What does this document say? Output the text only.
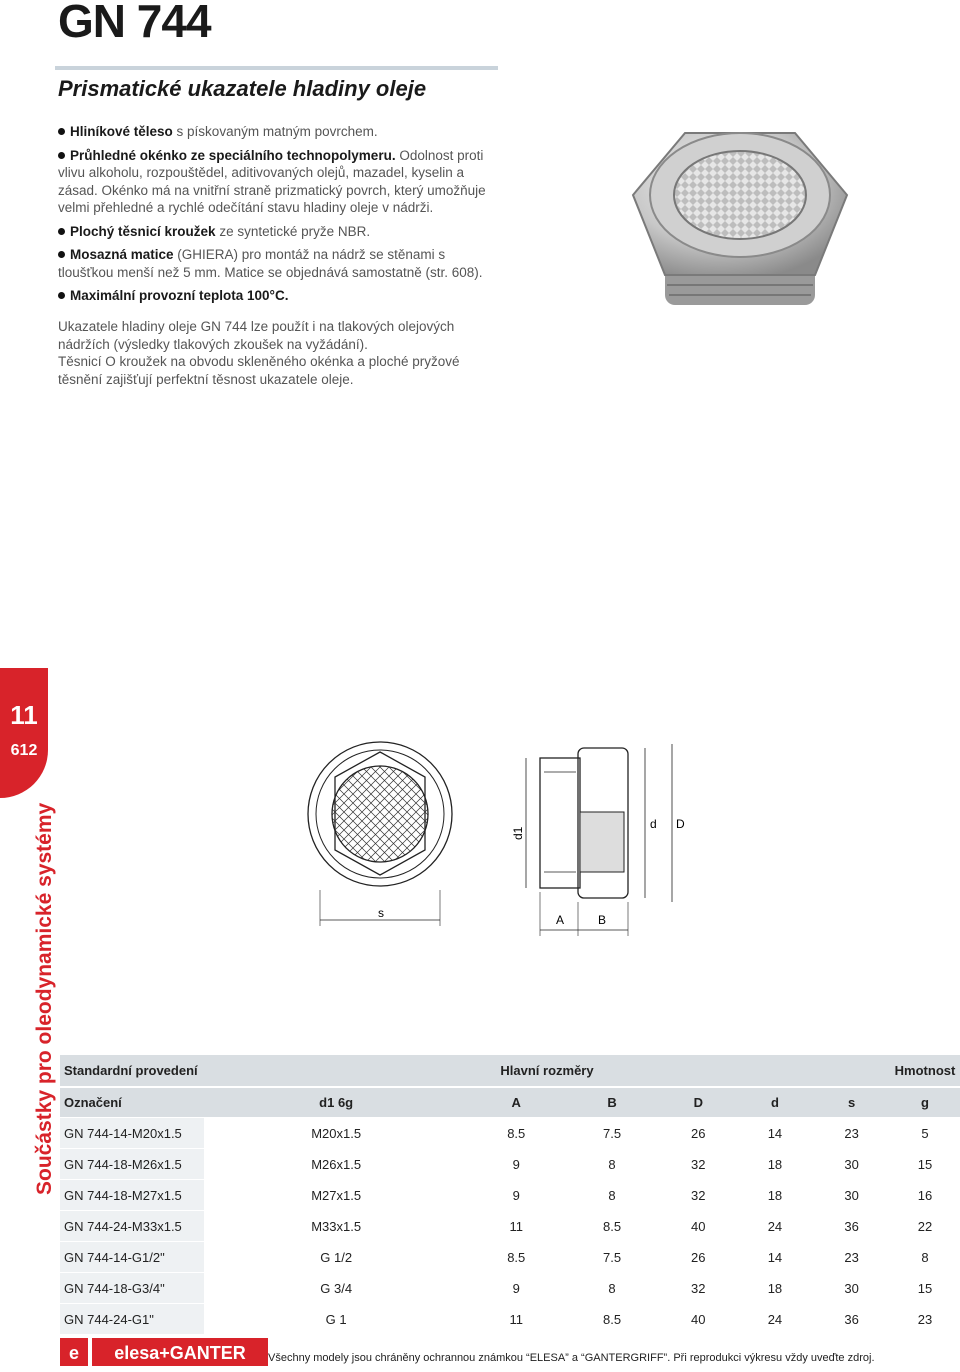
GN 744
Prismatické ukazatele hladiny oleje
Hliníkové těleso s pískovaným matným povrchem.
Průhledné okénko ze speciálního technopolymeru. Odolnost proti vlivu alkoholu, rozpouštědel, aditivovaných olejů, mazadel, kyselin a zásad. Okénko má na vnitřní straně prizmatický povrch, který umožňuje velmi přehledné a rychlé odečítání stavu hladiny oleje v nádrži.
Plochý těsnicí kroužek ze syntetické pryže NBR.
Mosazná matice (GHIERA) pro montáž na nádrž se stěnami s tloušťkou menší než 5 mm. Matice se objednává samostatně (str. 608).
Maximální provozní teplota 100°C.
Ukazatele hladiny oleje GN 744 lze použít i na tlakových olejových nádržích (výsledky tlakových zkoušek na vyžádání).
Těsnicí O kroužek na obvodu skleněného okénka a ploché pryžové těsnění zajišťují perfektní těsnost ukazatele oleje.
11
612
Součástky pro oleodynamické systémy	s	A	B
d1
d D
Standardní provedení	Hlavní rozměry						Hmotnost
Označení	d1 6g	A	B	D	d	s	g
GN 744-14-M20x1.5	M20x1.5	8.5	7.5	26	14	23	5
GN 744-18-M26x1.5	M26x1.5	9	8	32	18	30	15
GN 744-18-M27x1.5	M27x1.5	9	8	32	18	30	16
GN 744-24-M33x1.5	M33x1.5	11	8.5	40	24	36	22
GN 744-14-G1/2"	G 1/2	8.5	7.5	26	14	23	8
GN 744-18-G3/4"	G 3/4	9	8	32	18	30	15
GN 744-24-G1"	G 1	11	8.5	40	24	36	23
e elesa+GANTER Všechny modely jsou chráněny ochrannou známkou “ELESA” a “GANTERGRIFF”. Při reprodukci výkresu vždy uveďte zdroj.
